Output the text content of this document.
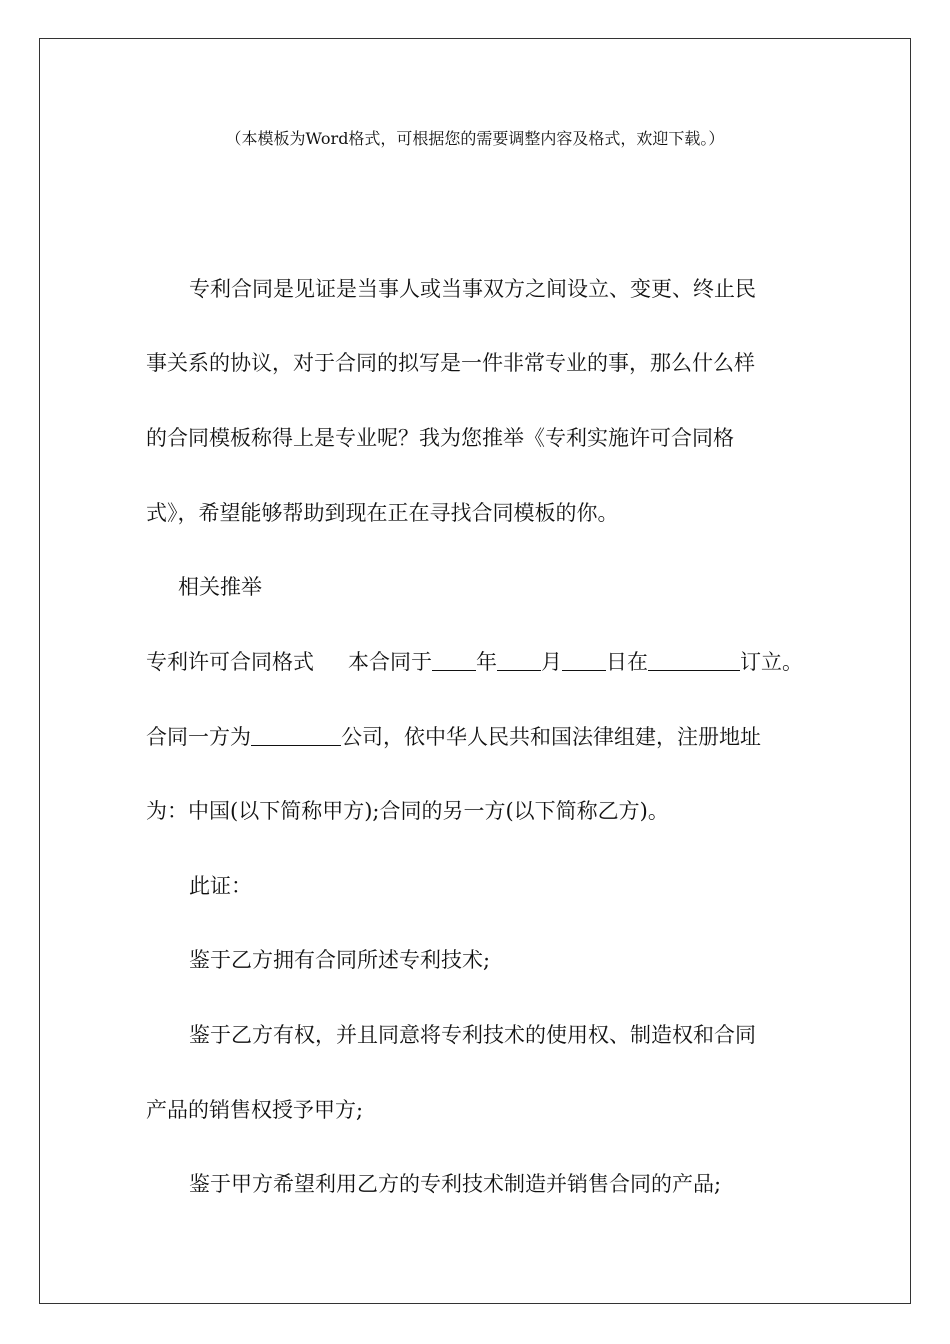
（本模板为Word格式，可根据您的需要调整内容及格式，欢迎下载。）
专利合同是见证是当事人或当事双方之间设立、变更、终止民
事关系的协议，对于合同的拟写是一件非常专业的事，那么什么样
的合同模板称得上是专业呢？我为您推举《专利实施许可合同格
式》，希望能够帮助到现在正在寻找合同模板的你。
相关推举
专利许可合同格式 本合同于 年 月 日在	订立。
合同一方为	公司，依中华人民共和国法律组建，注册地址
为：中国(以下简称甲方);合同的另一方(以下简称乙方)。
此证：
鉴于乙方拥有合同所述专利技术;
鉴于乙方有权，并且同意将专利技术的使用权、制造权和合同
产品的销售权授予甲方;
鉴于甲方希望利用乙方的专利技术制造并销售合同的产品;
